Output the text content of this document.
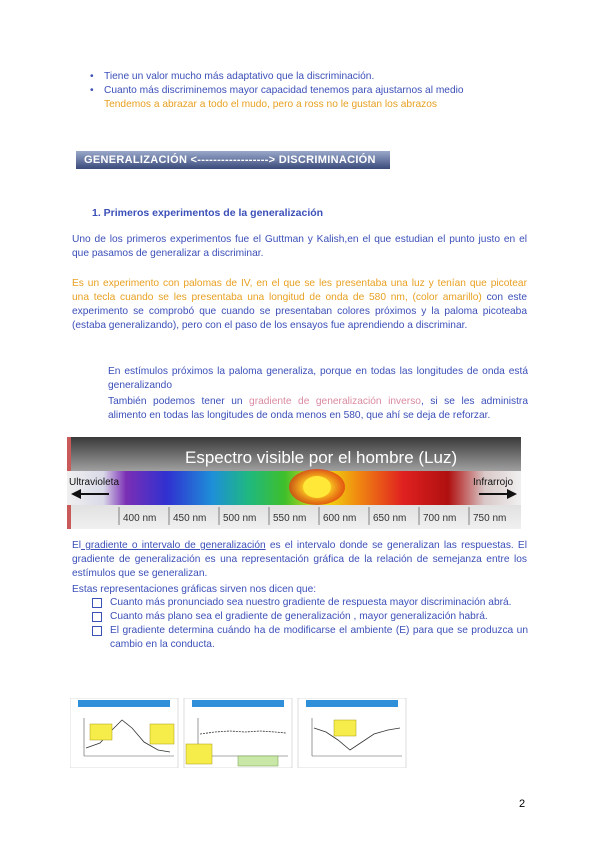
• Tiene un valor mucho más adaptativo que la discriminación.
• Cuanto más discriminemos mayor capacidad tenemos para ajustarnos al medio
Tendemos a abrazar a todo el mudo, pero a ross no le gustan los abrazos
GENERALIZACIÓN <------------------> DISCRIMINACIÓN
1. Primeros experimentos de la generalización
Uno de los primeros experimentos fue el Guttman y Kalish,en el que estudian el punto justo en el que pasamos de generalizar a discriminar.
Es un experimento con palomas de IV, en el que se les presentaba una luz y tenían que picotear una tecla cuando se les presentaba una longitud de onda de 580 nm, (color amarillo) con este experimento se comprobó que cuando se presentaban colores próximos y la paloma picoteaba (estaba generalizando), pero con el paso de los ensayos fue aprendiendo a discriminar.
En estímulos próximos la paloma generaliza, porque en todas las longitudes de onda está generalizando
También podemos tener un gradiente de generalización inverso, si se les administra alimento en todas las longitudes de onda menos en 580, que ahí se deja de reforzar.
Espectro visible por el hombre (Luz)
Ultravioleta	Infrarrojo
400 nm 450 nm 500 nm 550 nm 600 nm 650 nm 700 nm 750 nm
El gradiente o intervalo de generalización es el intervalo donde se generalizan las respuestas. El gradiente de generalización es una representación gráfica de la relación de semejanza entre los estímulos que se generalizan.
Estas representaciones gráficas sirven nos dicen que:
Cuanto más pronunciado sea nuestro gradiente de respuesta mayor discriminación abrá.
Cuanto más plano sea el gradiente de generalización , mayor generalización habrá.
El gradiente determina cuándo ha de modificarse el ambiente (E) para que se produzca un cambio en la conducta.
2
